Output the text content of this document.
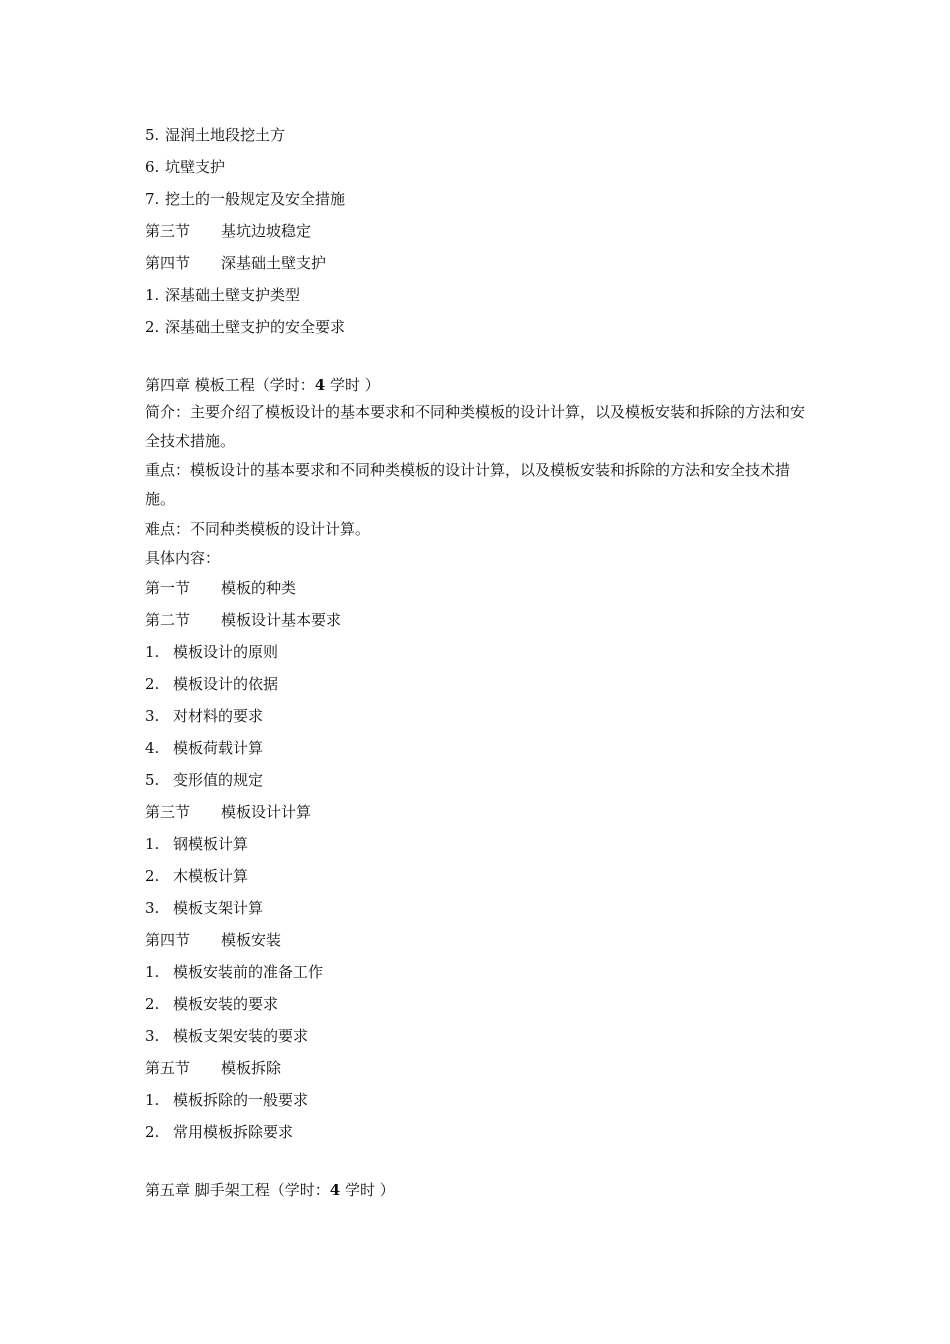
5. 湿润土地段挖土方
6. 坑壁支护
7. 挖土的一般规定及安全措施
第三节 基坑边坡稳定
第四节 深基础土壁支护
1. 深基础土壁支护类型
2. 深基础土壁支护的安全要求
第四章 模板工程（学时：4 学时 ）
简介：主要介绍了模板设计的基本要求和不同种类模板的设计计算，以及模板安装和拆除的方法和安全技术措施。
重点：模板设计的基本要求和不同种类模板的设计计算，以及模板安装和拆除的方法和安全技术措施。
难点：不同种类模板的设计计算。
具体内容：
第一节 模板的种类
第二节 模板设计基本要求
1. 模板设计的原则
2. 模板设计的依据
3. 对材料的要求
4. 模板荷载计算
5. 变形值的规定
第三节 模板设计计算
1. 钢模板计算
2. 木模板计算
3. 模板支架计算
第四节 模板安装
1. 模板安装前的准备工作
2. 模板安装的要求
3. 模板支架安装的要求
第五节 模板拆除
1. 模板拆除的一般要求
2. 常用模板拆除要求
第五章 脚手架工程（学时：4 学时 ）
